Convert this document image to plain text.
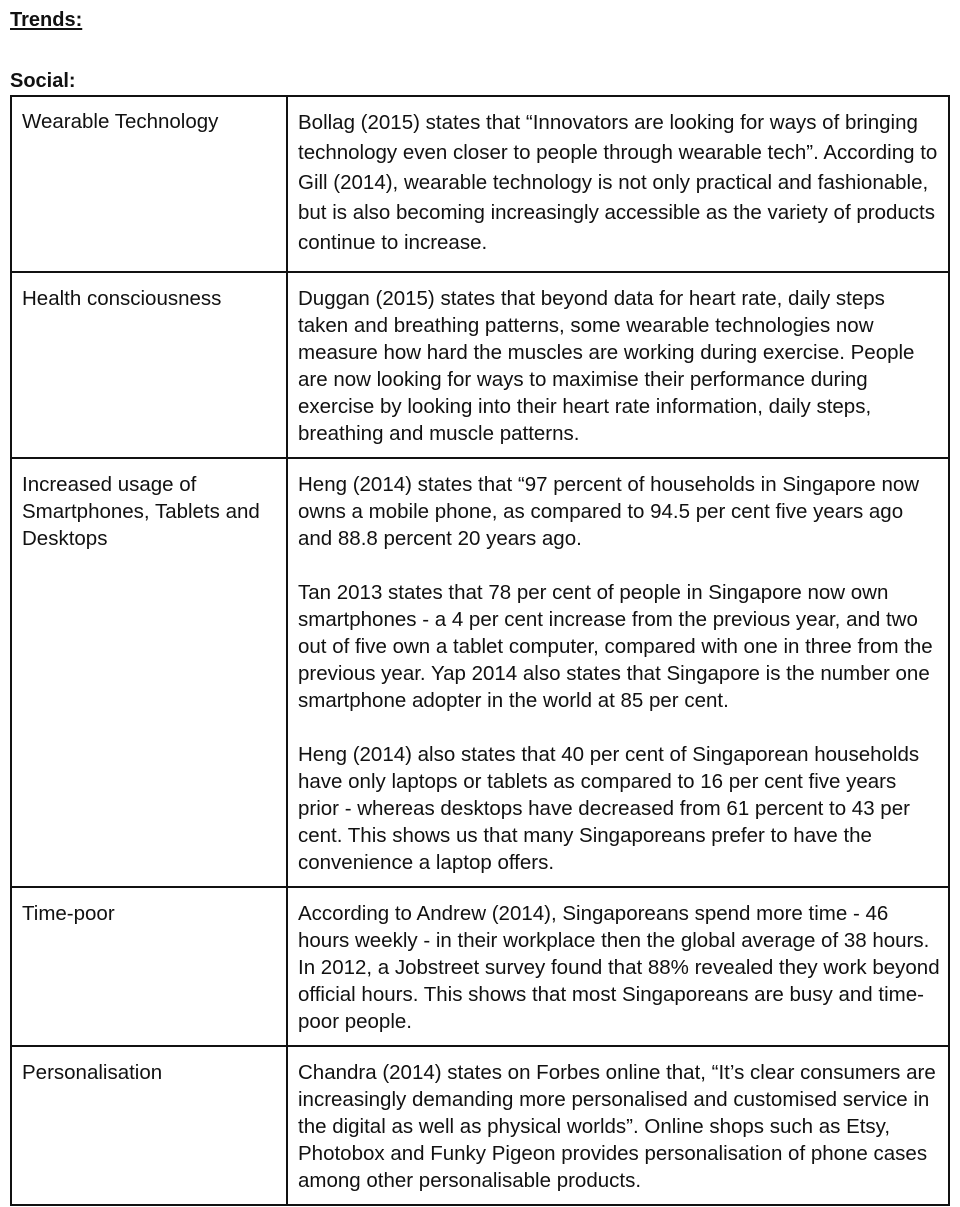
Trends:
Social:
Wearable Technology	Bollag (2015) states that “Innovators are looking for ways of bringing technology even closer to people through wearable tech”. According to Gill (2014), wearable technology is not only practical and fashionable, but is also becoming increasingly accessible as the variety of products continue to increase.

Health consciousness	Duggan (2015) states that beyond data for heart rate, daily steps taken and breathing patterns, some wearable technologies now measure how hard the muscles are working during exercise. People are now looking for ways to maximise their performance during exercise by looking into their heart rate information, daily steps, breathing and muscle patterns.

Increased usage of Smartphones, Tablets and Desktops	Heng (2014) states that “97 percent of households in Singapore now owns a mobile phone, as compared to 94.5 per cent five years ago and 88.8 percent 20 years ago.

Tan 2013 states that 78 per cent of people in Singapore now own smartphones - a 4 per cent increase from the previous year, and two out of five own a tablet computer, compared with one in three from the previous year. Yap 2014 also states that Singapore is the number one smartphone adopter in the world at 85 per cent.

Heng (2014) also states that 40 per cent of Singaporean households have only laptops or tablets as compared to 16 per cent five years prior - whereas desktops have decreased from 61 percent to 43 per cent. This shows us that many Singaporeans prefer to have the convenience a laptop offers.

Time-poor	According to Andrew (2014), Singaporeans spend more time - 46 hours weekly - in their workplace then the global average of 38 hours. In 2012, a Jobstreet survey found that 88% revealed they work beyond official hours. This shows that most Singaporeans are busy and time-poor people.

Personalisation	Chandra (2014) states on Forbes online that, “It’s clear consumers are increasingly demanding more personalised and customised service in the digital as well as physical worlds”. Online shops such as Etsy, Photobox and Funky Pigeon provides personalisation of phone cases among other personalisable products.
